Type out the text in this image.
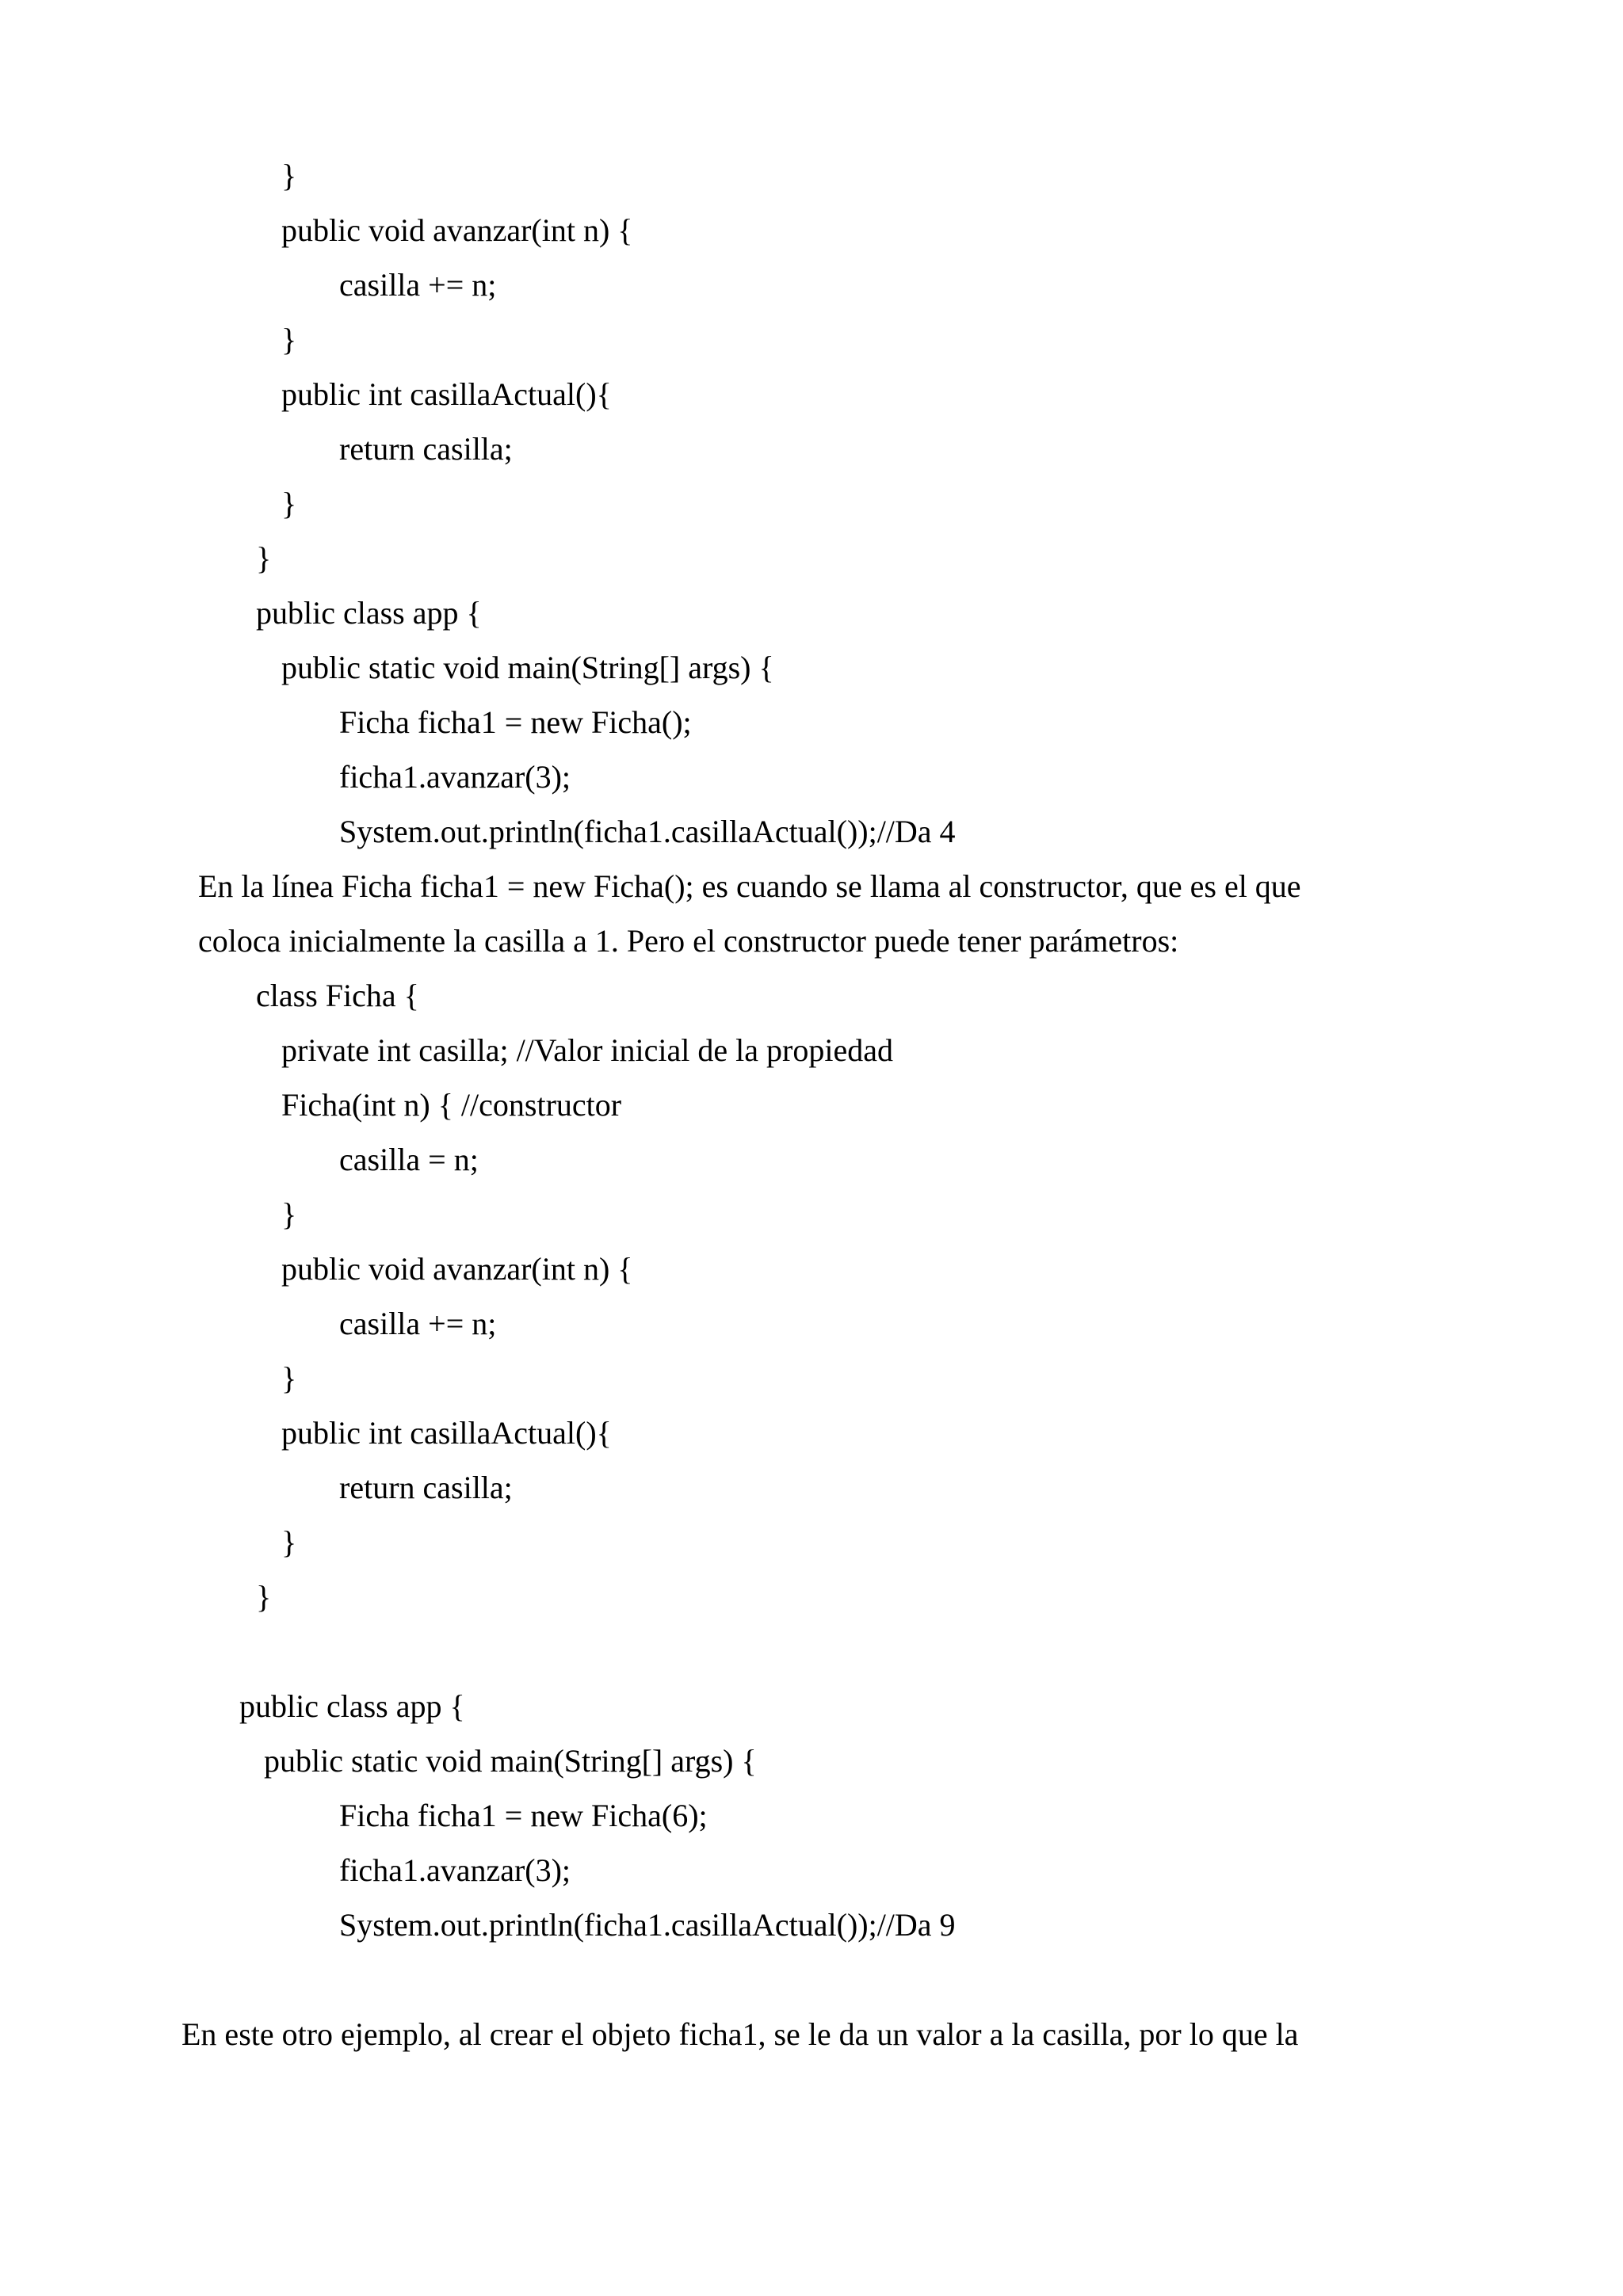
}
public void avanzar(int n) {
casilla += n;
}
public int casillaActual(){
return casilla;
}
}
public class app {
public static void main(String[] args) {
Ficha ficha1 = new Ficha();
ficha1.avanzar(3);
System.out.println(ficha1.casillaActual());//Da 4
En la línea Ficha ficha1 = new Ficha(); es cuando se llama al constructor, que es el que
coloca inicialmente la casilla a 1. Pero el constructor puede tener parámetros:
class Ficha {
private int casilla; //Valor inicial de la propiedad
Ficha(int n) { //constructor
casilla = n;
}
public void avanzar(int n) {
casilla += n;
}
public int casillaActual(){
return casilla;
}
}
public class app {
public static void main(String[] args) {
Ficha ficha1 = new Ficha(6);
ficha1.avanzar(3);
System.out.println(ficha1.casillaActual());//Da 9
En este otro ejemplo, al crear el objeto ficha1, se le da un valor a la casilla, por lo que la
